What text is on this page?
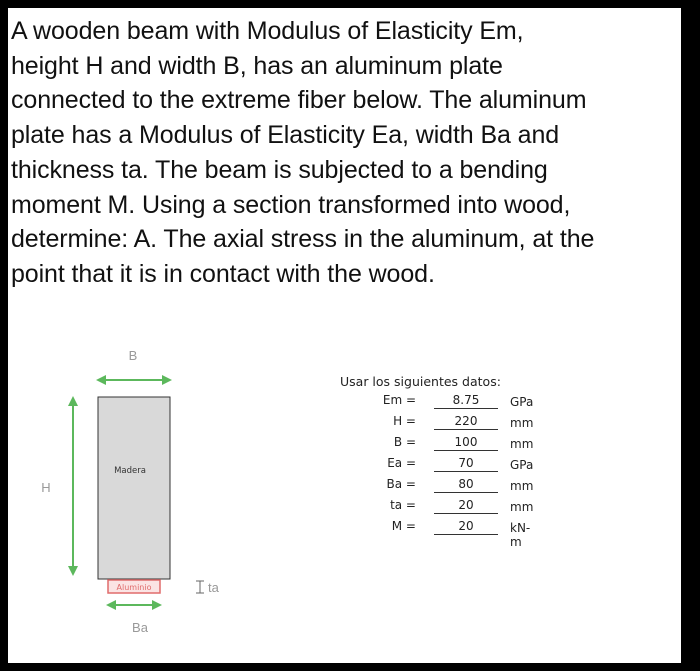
A wooden beam with Modulus of Elasticity Em,
height H and width B, has an aluminum plate
connected to the extreme fiber below. The aluminum
plate has a Modulus of Elasticity Ea, width Ba and
thickness ta. The beam is subjected to a bending
moment M. Using a section transformed into wood,
determine: A. The axial stress in the aluminum, at the
point that it is in contact with the wood.

B
H
Madera
Aluminio	ta
Ba
Usar los siguientes datos:
Em =	8.75	GPa
H =	220	mm
B =	100	mm
Ea =	70	GPa
Ba =	80	mm
ta =	20	mm
M =	20	kN-m
